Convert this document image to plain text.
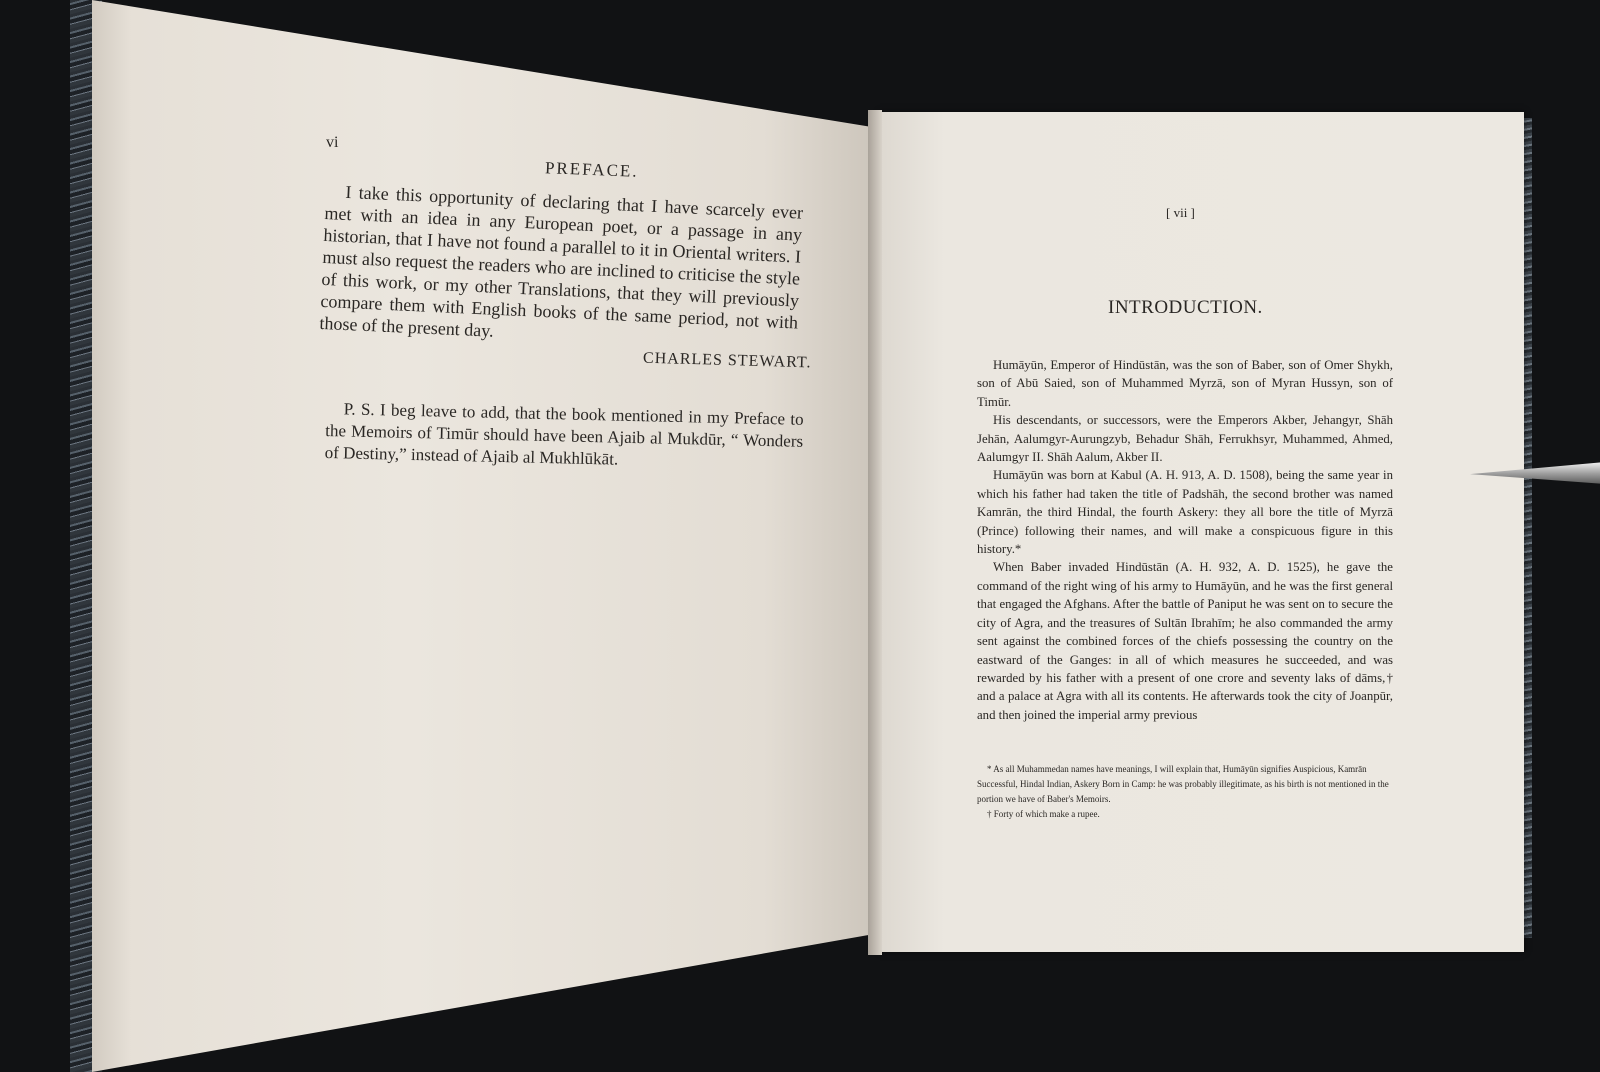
vi
PREFACE.

I take this opportunity of declaring that I have scarcely ever met with an idea in any European poet, or a passage in any historian, that I have not found a parallel to it in Oriental writers. I must also request the readers who are inclined to criticise the style of this work, or my other Translations, that they will previously compare them with English books of the same period, not with those of the present day.

CHARLES STEWART.

P. S. I beg leave to add, that the book mentioned in my Preface to the Memoirs of Timūr should have been Ajaib al Mukdūr, “ Wonders of Destiny,” instead of Ajaib al Mukhlūkāt.

[ vii ]
INTRODUCTION.

Humāyūn, Emperor of Hindūstān, was the son of Baber, son of Omer Shykh, son of Abū Saied, son of Muhammed Myrzā, son of Myran Hussyn, son of Timūr.

His descendants, or successors, were the Emperors Akber, Jehangyr, Shāh Jehān, Aalumgyr-Aurungzyb, Behadur Shāh, Ferrukhsyr, Muhammed, Ahmed, Aalumgyr II. Shāh Aalum, Akber II.

Humāyūn was born at Kabul (A. H. 913, A. D. 1508), being the same year in which his father had taken the title of Padshāh, the second brother was named Kamrān, the third Hindal, the fourth Askery: they all bore the title of Myrzā (Prince) following their names, and will make a conspicuous figure in this history.*

When Baber invaded Hindūstān (A. H. 932, A. D. 1525), he gave the command of the right wing of his army to Humāyūn, and he was the first general that engaged the Afghans. After the battle of Paniput he was sent on to secure the city of Agra, and the treasures of Sultān Ibrahīm; he also commanded the army sent against the combined forces of the chiefs possessing the country on the eastward of the Ganges: in all of which measures he succeeded, and was rewarded by his father with a present of one crore and seventy laks of dāms,† and a palace at Agra with all its contents. He afterwards took the city of Joanpūr, and then joined the imperial army previous

* As all Muhammedan names have meanings, I will explain that, Humāyūn signifies Auspicious, Kamrān Successful, Hindal Indian, Askery Born in Camp: he was probably illegitimate, as his birth is not mentioned in the portion we have of Baber's Memoirs.

† Forty of which make a rupee.
